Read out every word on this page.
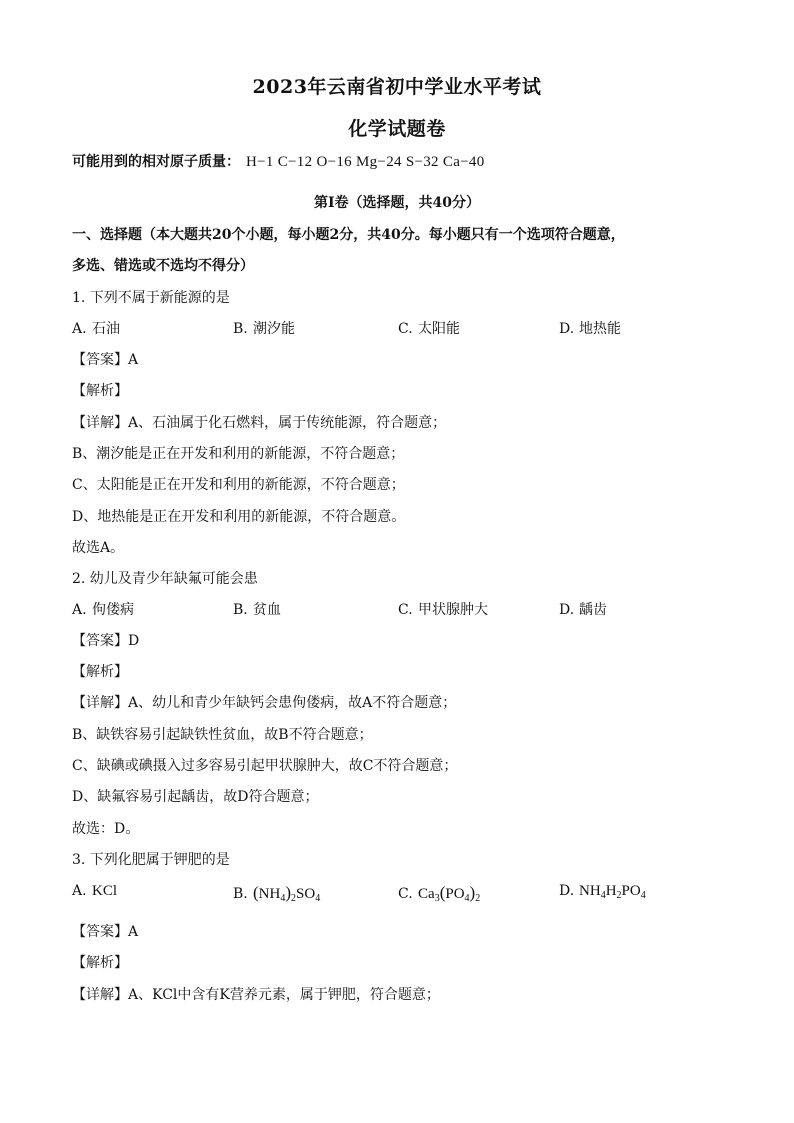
2023年云南省初中学业水平考试
化学试题卷
可能用到的相对原子质量： H−1 C−12 O−16 Mg−24 S−32 Ca−40
第Ⅰ卷（选择题，共40分）
一、选择题（本大题共20个小题，每小题2分，共40分。每小题只有一个选项符合题意，
多选、错选或不选均不得分）
1. 下列不属于新能源的是
A. 石油	B. 潮汐能	C. 太阳能	D. 地热能
【答案】A
【解析】
【详解】A、石油属于化石燃料，属于传统能源，符合题意；
B、潮汐能是正在开发和利用的新能源，不符合题意；
C、太阳能是正在开发和利用的新能源，不符合题意；
D、地热能是正在开发和利用的新能源，不符合题意。
故选A。
2. 幼儿及青少年缺氟可能会患
A. 佝偻病	B. 贫血	C. 甲状腺肿大	D. 龋齿
【答案】D
【解析】
【详解】A、幼儿和青少年缺钙会患佝偻病，故A不符合题意；
B、缺铁容易引起缺铁性贫血，故B不符合题意；
C、缺碘或碘摄入过多容易引起甲状腺肿大，故C不符合题意；
D、缺氟容易引起龋齿，故D符合题意；
故选：D。
3. 下列化肥属于钾肥的是
A. KCl	B. $(NH_4)_2SO_4$	C. $Ca_3(PO_4)_2$	D. $NH_4H_2PO_4$
【答案】A
【解析】
【详解】A、KCl中含有K营养元素，属于钾肥，符合题意；
